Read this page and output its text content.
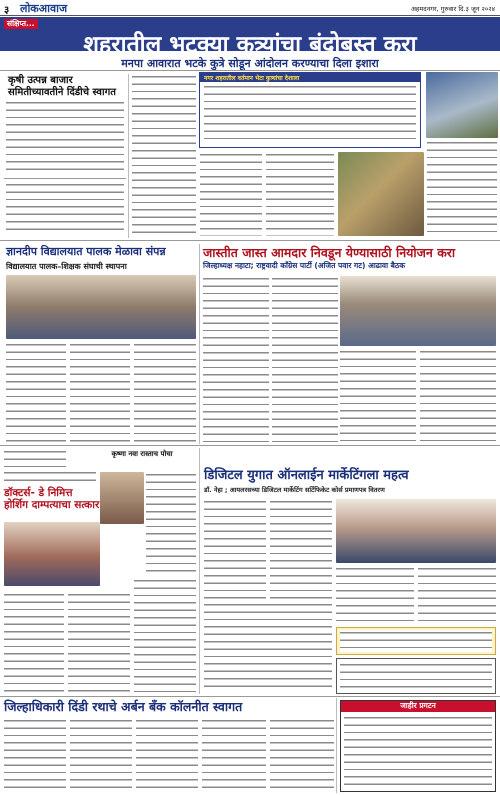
३ लोकआवाज	अहमदनगर, गुरुवार दि.३ जून २०२४
संक्षिप्त...
शहरातील भटक्या कुत्र्यांचा बंदोबस्त करा
मनपा आवारात भटके कुत्रे सोडून आंदोलन करण्याचा दिला इशारा
कृषी उत्पन्न बाजार समितीच्यावतीने दिंडीचे स्वागत
नगर शहरातील वर्तमान भेटा कुत्र्यांचा देशाला
ज्ञानदीप विद्यालयात पालक मेळावा संपन्न
विद्यालयात पालक–शिक्षक संघाची स्थापना
जास्तीत जास्त आमदार निवडून येण्यासाठी नियोजन करा
जिल्हाध्यक्ष नहाटा; राष्ट्रवादी काँग्रेस पार्टी (अजित पवार गट) आढावा बैठक
कृष्णा नवा रास्ताच पोचा
डॉक्टर्स- डे निमित्त होर्शिग दाम्पत्याचा सत्कार
डिजिटल युगात ऑनलाईन मार्केटिंगला महत्व
डॉ. नेहा ; आयलरसच्या डिजिटल मार्केटिंग सर्टिफिकेट कोर्स प्रमाणपत्र वितरण
जिल्हाधिकारी दिंडी रथाचे अर्बन बँक कॉलनीत स्वागत	जाहीर प्रगटन
